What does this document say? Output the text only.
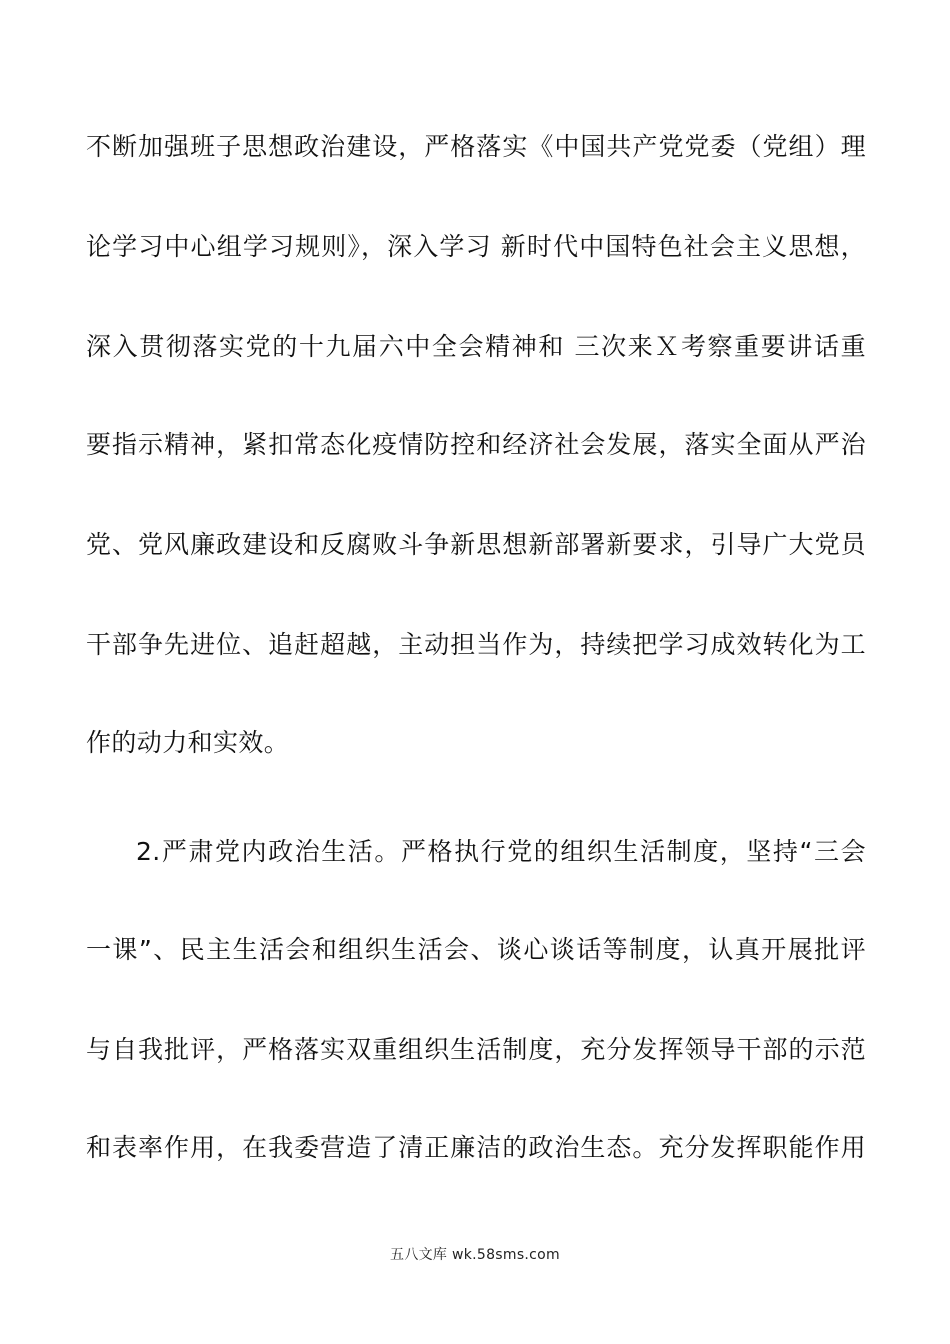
不断加强班子思想政治建设，严格落实《中国共产党党委（党组）理
论学习中心组学习规则》，深入学习 新时代中国特色社会主义思想，
深入贯彻落实党的十九届六中全会精神和 三次来Ｘ考察重要讲话重
要指示精神，紧扣常态化疫情防控和经济社会发展，落实全面从严治
党、党风廉政建设和反腐败斗争新思想新部署新要求，引导广大党员
干部争先进位、追赶超越，主动担当作为，持续把学习成效转化为工
作的动力和实效。
2.严肃党内政治生活。严格执行党的组织生活制度，坚持“三会
一课”、民主生活会和组织生活会、谈心谈话等制度，认真开展批评
与自我批评，严格落实双重组织生活制度，充分发挥领导干部的示范
和表率作用，在我委营造了清正廉洁的政治生态。充分发挥职能作用
五八文库 wk.58sms.com
